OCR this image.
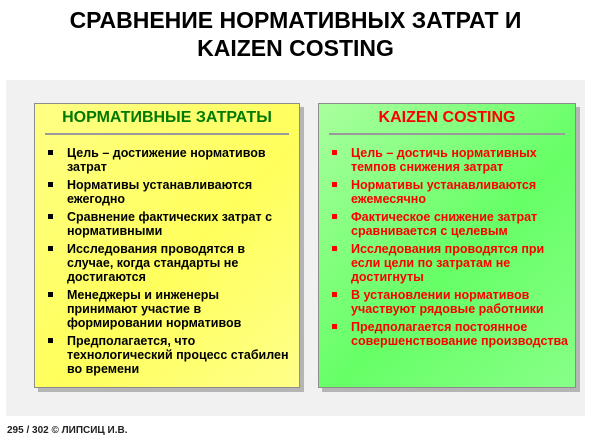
СРАВНЕНИЕ НОРМАТИВНЫХ ЗАТРАТ И
KAIZEN COSTING
НОРМАТИВНЫЕ ЗАТРАТЫ
Цель – достижение нормативов затрат
Нормативы устанавливаются ежегодно
Сравнение фактических затрат с нормативными
Исследования проводятся в случае, когда стандарты не достигаются
Менеджеры и инженеры принимают участие в формировании нормативов
Предполагается, что технологический процесс стабилен во времени
KAIZEN COSTING
Цель – достичь нормативных темпов снижения затрат
Нормативы устанавливаются ежемесячно
Фактическое снижение затрат сравнивается с целевым
Исследования проводятся при если цели по затратам не достигнуты
В установлении нормативов участвуют рядовые работники
Предполагается постоянное совершенствование производства
295 / 302 © ЛИПСИЦ И.В.
